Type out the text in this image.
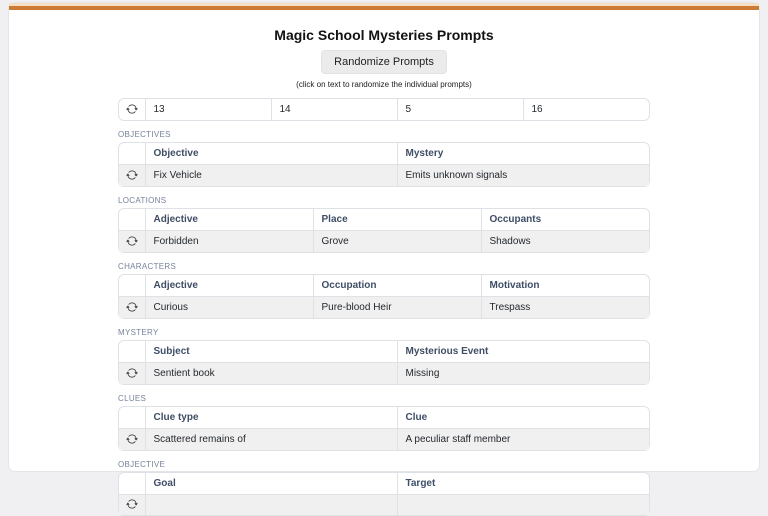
Magic School Mysteries Prompts
Randomize Prompts
(click on text to randomize the individual prompts)
	13	14	5	16
OBJECTIVES
	Objective	Mystery

	Fix Vehicle	Emits unknown signals
LOCATIONS
	Adjective	Place	Occupants

	Forbidden	Grove	Shadows
CHARACTERS
	Adjective	Occupation	Motivation

	Curious	Pure-blood Heir	Trespass
MYSTERY
	Subject	Mysterious Event

	Sentient book	Missing
CLUES
	Clue type	Clue

	Scattered remains of	A peculiar staff member
OBJECTIVE
	Goal	Target
